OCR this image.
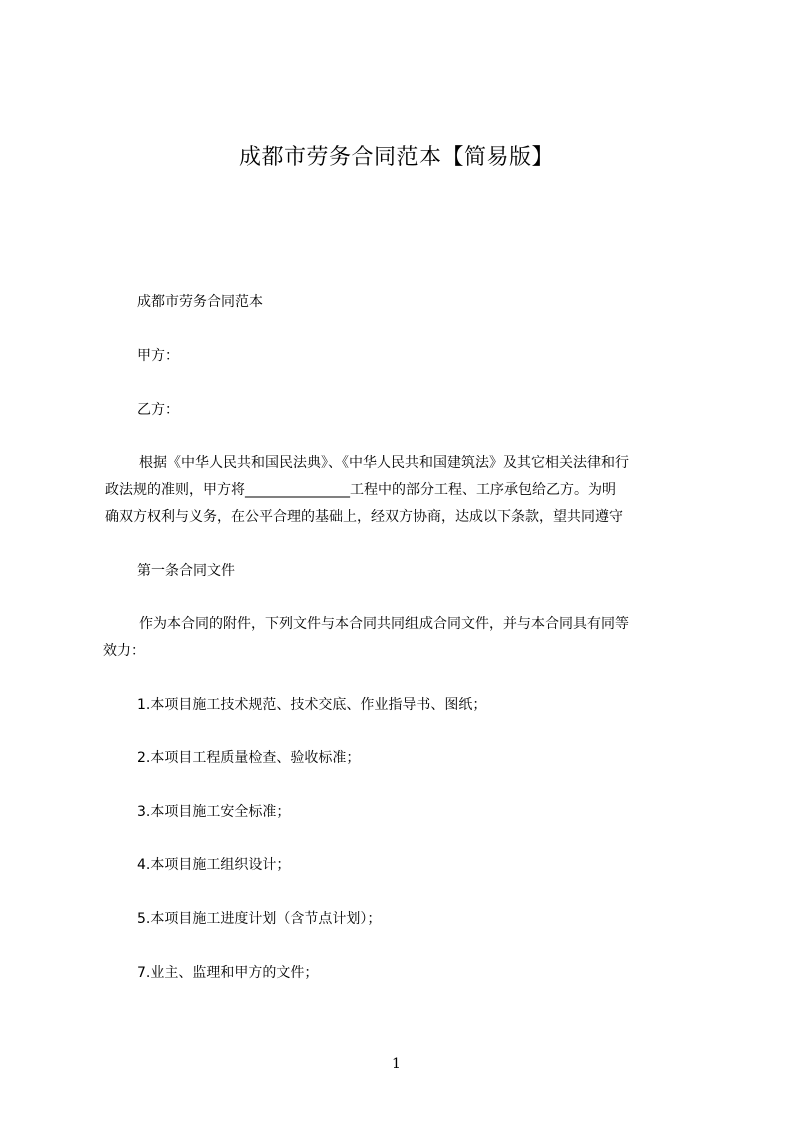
成都市劳务合同范本【简易版】
成都市劳务合同范本
甲方：
乙方：
根据《中华人民共和国民法典》、《中华人民共和国建筑法》及其它相关法律和行
政法规的准则，甲方将_______________工程中的部分工程、工序承包给乙方。为明
确双方权利与义务，在公平合理的基础上，经双方协商，达成以下条款，望共同遵守
第一条合同文件
作为本合同的附件，下列文件与本合同共同组成合同文件，并与本合同具有同等
效力：
1.本项目施工技术规范、技术交底、作业指导书、图纸；
2.本项目工程质量检查、验收标准；
3.本项目施工安全标准；
4.本项目施工组织设计；
5.本项目施工进度计划（含节点计划）；
7.业主、监理和甲方的文件；
1
